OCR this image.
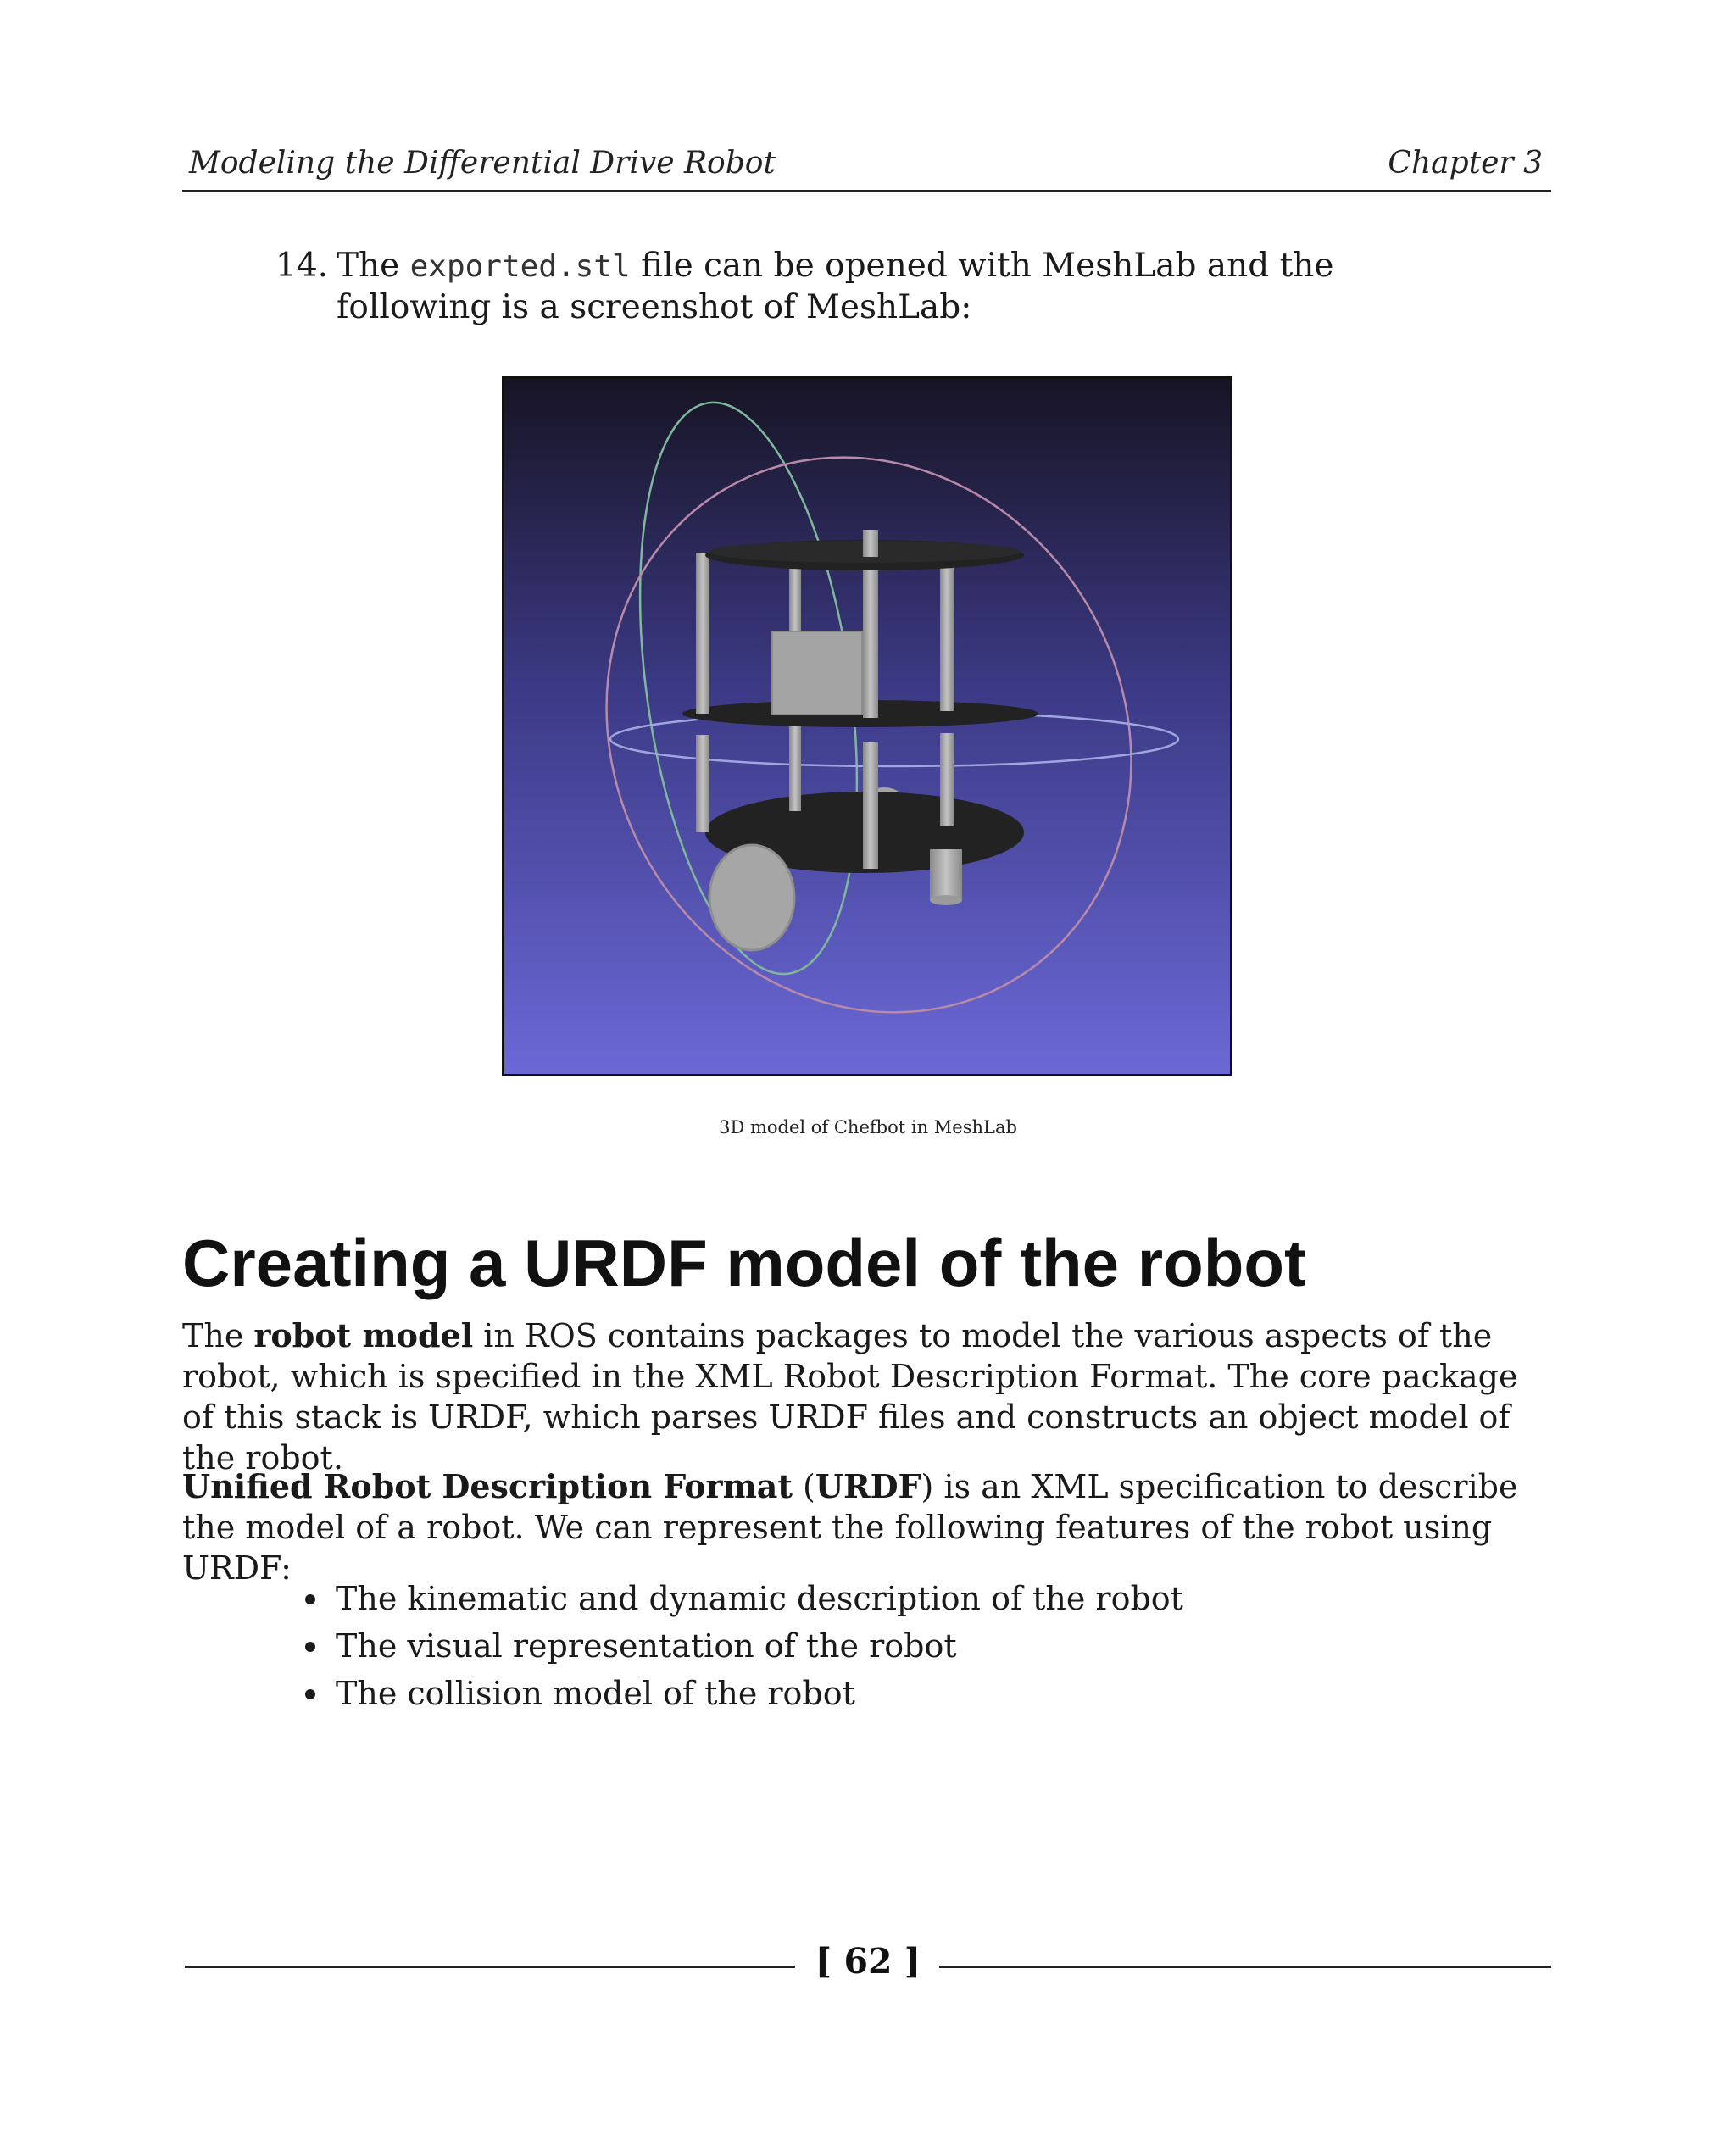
Modeling the Differential Drive Robot	Chapter 3
14. The exported.stl file can be opened with MeshLab and the following is a screenshot of MeshLab:
3D model of Chefbot in MeshLab
Creating a URDF model of the robot
The robot model in ROS contains packages to model the various aspects of the robot, which is specified in the XML Robot Description Format. The core package of this stack is URDF, which parses URDF files and constructs an object model of the robot.
Unified Robot Description Format (URDF) is an XML specification to describe the model of a robot. We can represent the following features of the robot using URDF:
The kinematic and dynamic description of the robot
The visual representation of the robot
The collision model of the robot
[ 62 ]
